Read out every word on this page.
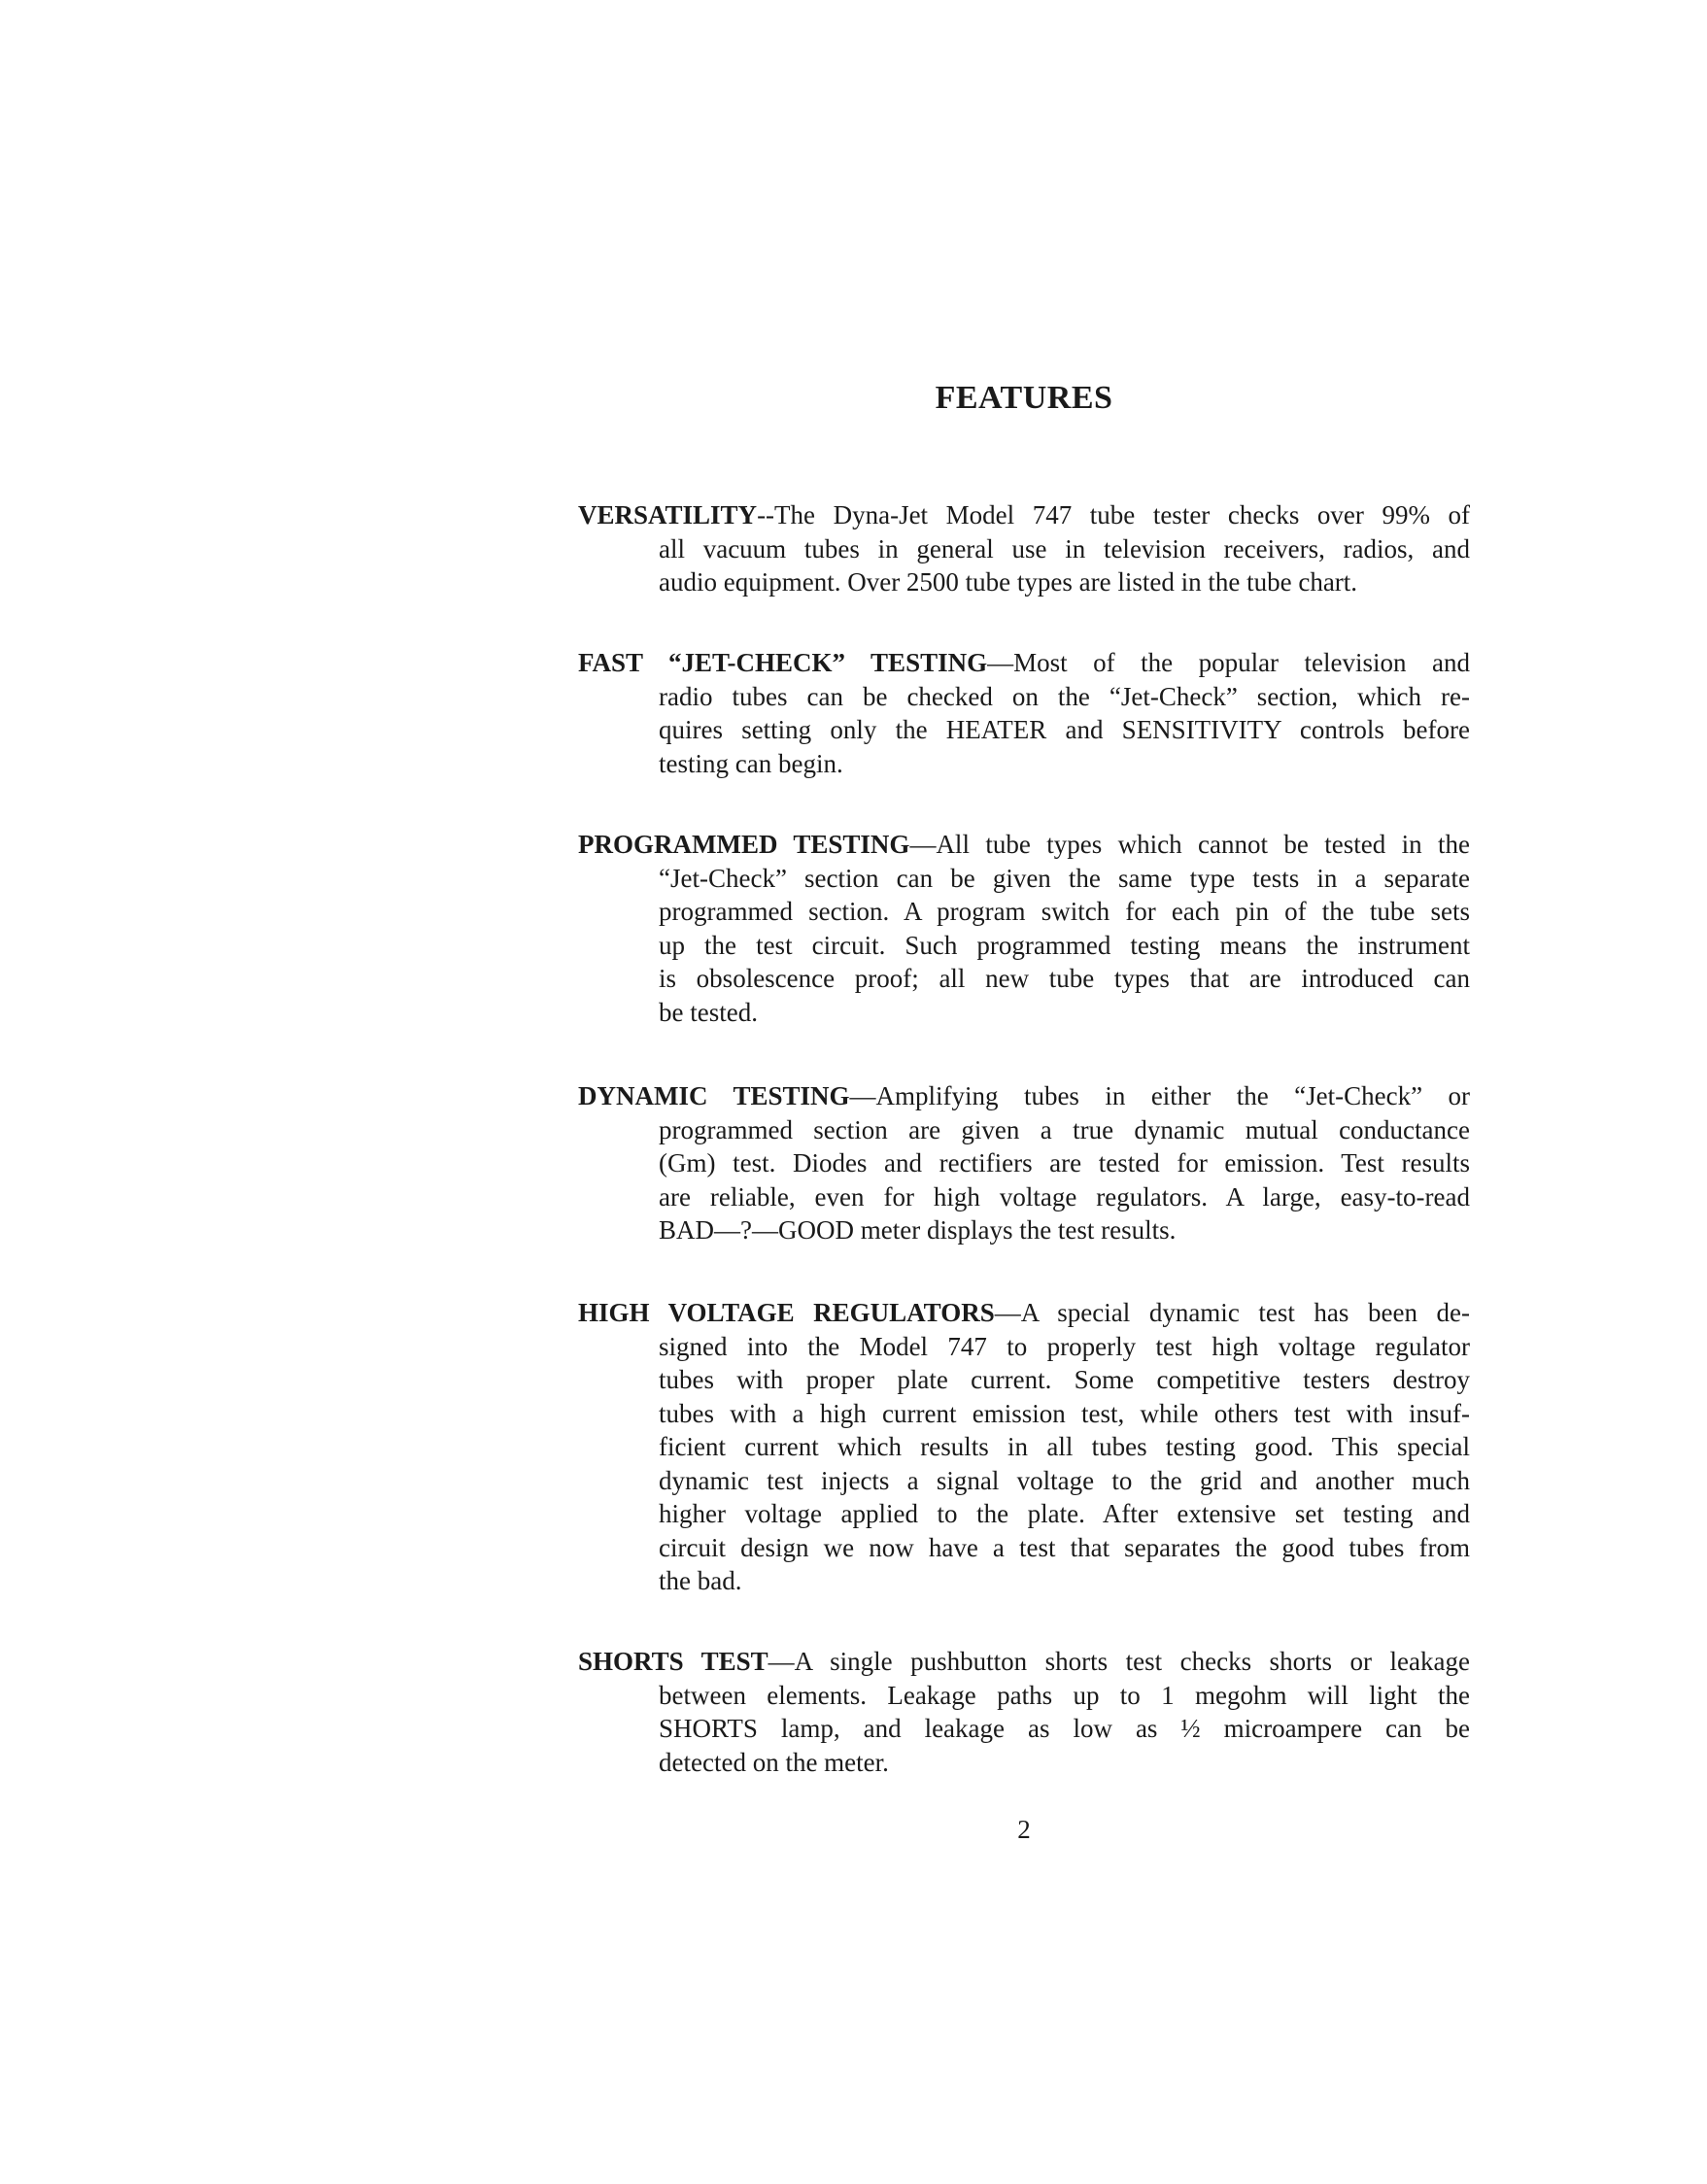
FEATURES
VERSATILITY--The Dyna-Jet Model 747 tube tester checks over 99% of
all vacuum tubes in general use in television receivers, radios, and
audio equipment. Over 2500 tube types are listed in the tube chart.
FAST “JET-CHECK” TESTING—Most of the popular television and
radio tubes can be checked on the “Jet-Check” section, which re-
quires setting only the HEATER and SENSITIVITY controls before
testing can begin.
PROGRAMMED TESTING—All tube types which cannot be tested in the
“Jet-Check” section can be given the same type tests in a separate
programmed section. A program switch for each pin of the tube sets
up the test circuit. Such programmed testing means the instrument
is obsolescence proof; all new tube types that are introduced can
be tested.
DYNAMIC TESTING—Amplifying tubes in either the “Jet-Check” or
programmed section are given a true dynamic mutual conductance
(Gm) test. Diodes and rectifiers are tested for emission. Test results
are reliable, even for high voltage regulators. A large, easy-to-read
BAD—?—GOOD meter displays the test results.
HIGH VOLTAGE REGULATORS—A special dynamic test has been de-
signed into the Model 747 to properly test high voltage regulator
tubes with proper plate current. Some competitive testers destroy
tubes with a high current emission test, while others test with insuf-
ficient current which results in all tubes testing good. This special
dynamic test injects a signal voltage to the grid and another much
higher voltage applied to the plate. After extensive set testing and
circuit design we now have a test that separates the good tubes from
the bad.
SHORTS TEST—A single pushbutton shorts test checks shorts or leakage
between elements. Leakage paths up to 1 megohm will light the
SHORTS lamp, and leakage as low as ½ microampere can be
detected on the meter.
2
